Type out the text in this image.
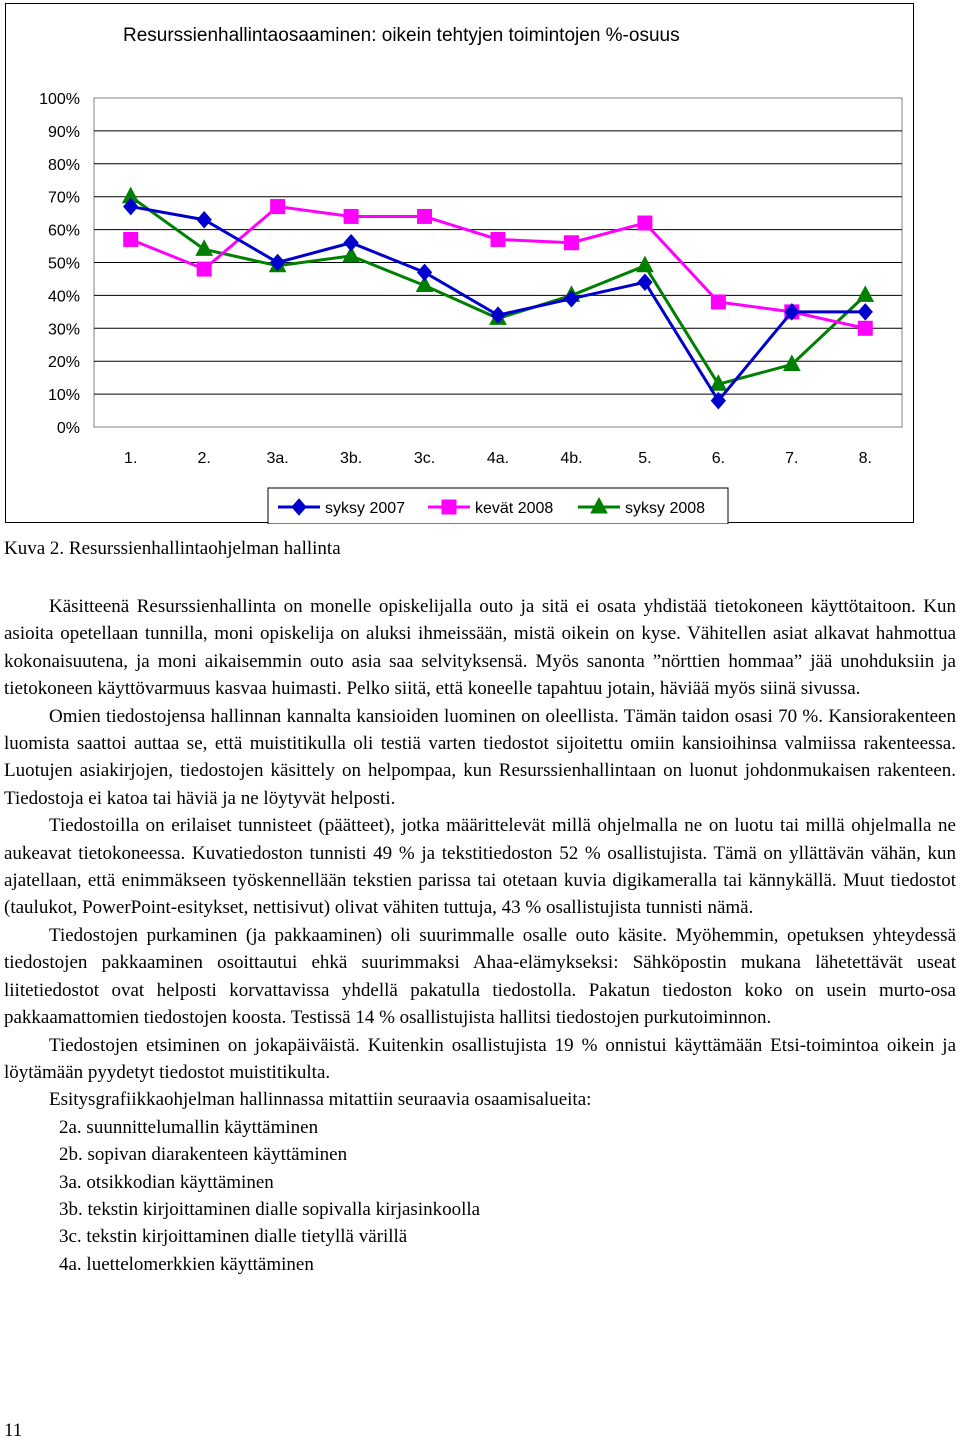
Resurssienhallintaosaaminen: oikein tehtyjen toimintojen %-osuus
0%
10%
20%
30%
40%
50%
60%
70%
80%
90%
100%
1.	2.	3a.	3b.	3c.	4a.	4b.	5.	6.	7.	8.
syksy 2007	kevät 2008	syksy 2008
Kuva 2. Resurssienhallintaohjelman hallinta

Käsitteenä Resurssienhallinta on monelle opiskelijalla outo ja sitä ei osata yhdistää tietokoneen käyttötaitoon. Kun asioita opetellaan tunnilla, moni opiskelija on aluksi ihmeissään, mistä oikein on kyse. Vähitellen asiat alkavat hahmottua kokonaisuutena, ja moni aikaisemmin outo asia saa selvityksensä. Myös sanonta ”nörttien hommaa” jää unohduksiin ja tietokoneen käyttövarmuus kasvaa huimasti. Pelko siitä, että koneelle tapahtuu jotain, häviää myös siinä sivussa.

Omien tiedostojensa hallinnan kannalta kansioiden luominen on oleellista. Tämän taidon osasi 70 %. Kansiorakenteen luomista saattoi auttaa se, että muistitikulla oli testiä varten tiedostot sijoitettu omiin kansioihinsa valmiissa rakenteessa. Luotujen asiakirjojen, tiedostojen käsittely on helpompaa, kun Resurssienhallintaan on luonut johdonmukaisen rakenteen. Tiedostoja ei katoa tai häviä ja ne löytyvät helposti.

Tiedostoilla on erilaiset tunnisteet (päätteet), jotka määrittelevät millä ohjelmalla ne on luotu tai millä ohjelmalla ne aukeavat tietokoneessa. Kuvatiedoston tunnisti 49 % ja tekstitiedoston 52 % osallistujista. Tämä on yllättävän vähän, kun ajatellaan, että enimmäkseen työskennellään tekstien parissa tai otetaan kuvia digikameralla tai kännykällä. Muut tiedostot (taulukot, PowerPoint-esitykset, nettisivut) olivat vähiten tuttuja, 43 % osallistujista tunnisti nämä.

Tiedostojen purkaminen (ja pakkaaminen) oli suurimmalle osalle outo käsite. Myöhemmin, opetuksen yhteydessä tiedostojen pakkaaminen osoittautui ehkä suurimmaksi Ahaa-elämykseksi: Sähköpostin mukana lähetettävät useat liitetiedostot ovat helposti korvattavissa yhdellä pakatulla tiedostolla. Pakatun tiedoston koko on usein murto-osa pakkaamattomien tiedostojen koosta. Testissä 14 % osallistujista hallitsi tiedostojen purkutoiminnon.

Tiedostojen etsiminen on jokapäiväistä. Kuitenkin osallistujista 19 % onnistui käyttämään Etsi-toimintoa oikein ja löytämään pyydetyt tiedostot muistitikulta.

Esitysgrafiikkaohjelman hallinnassa mitattiin seuraavia osaamisalueita:

2a. suunnittelumallin käyttäminen
2b. sopivan diarakenteen käyttäminen
3a. otsikkodian käyttäminen
3b. tekstin kirjoittaminen dialle sopivalla kirjasinkoolla
3c. tekstin kirjoittaminen dialle tietyllä värillä
4a. luettelomerkkien käyttäminen
11
